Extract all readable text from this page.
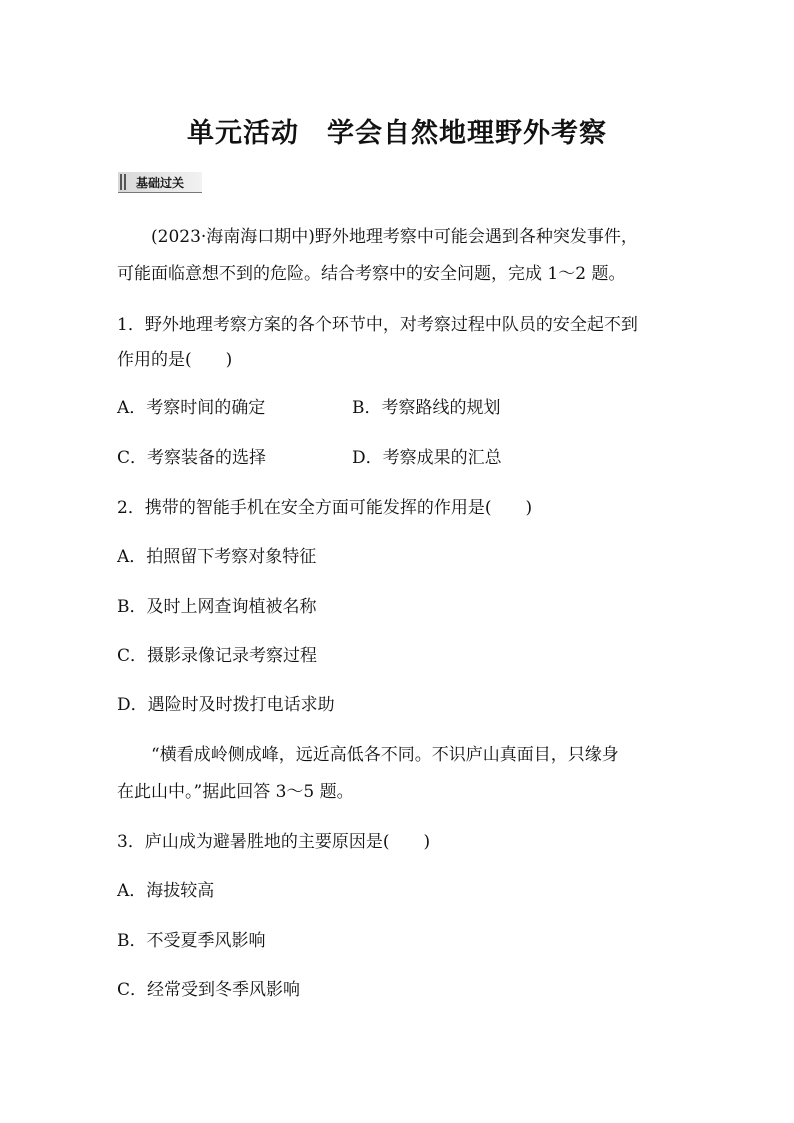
单元活动　学会自然地理野外考察
基础过关
(2023·海南海口期中)野外地理考察中可能会遇到各种突发事件，
可能面临意想不到的危险。结合考察中的安全问题，完成 1～2 题。
1．野外地理考察方案的各个环节中，对考察过程中队员的安全起不到
作用的是(　　)
A．考察时间的确定	B．考察路线的规划
C．考察装备的选择	D．考察成果的汇总
2．携带的智能手机在安全方面可能发挥的作用是(　　)
A．拍照留下考察对象特征
B．及时上网查询植被名称
C．摄影录像记录考察过程
D．遇险时及时拨打电话求助
“横看成岭侧成峰，远近高低各不同。不识庐山真面目，只缘身
在此山中。”据此回答 3～5 题。
3．庐山成为避暑胜地的主要原因是(　　)
A．海拔较高
B．不受夏季风影响
C．经常受到冬季风影响
